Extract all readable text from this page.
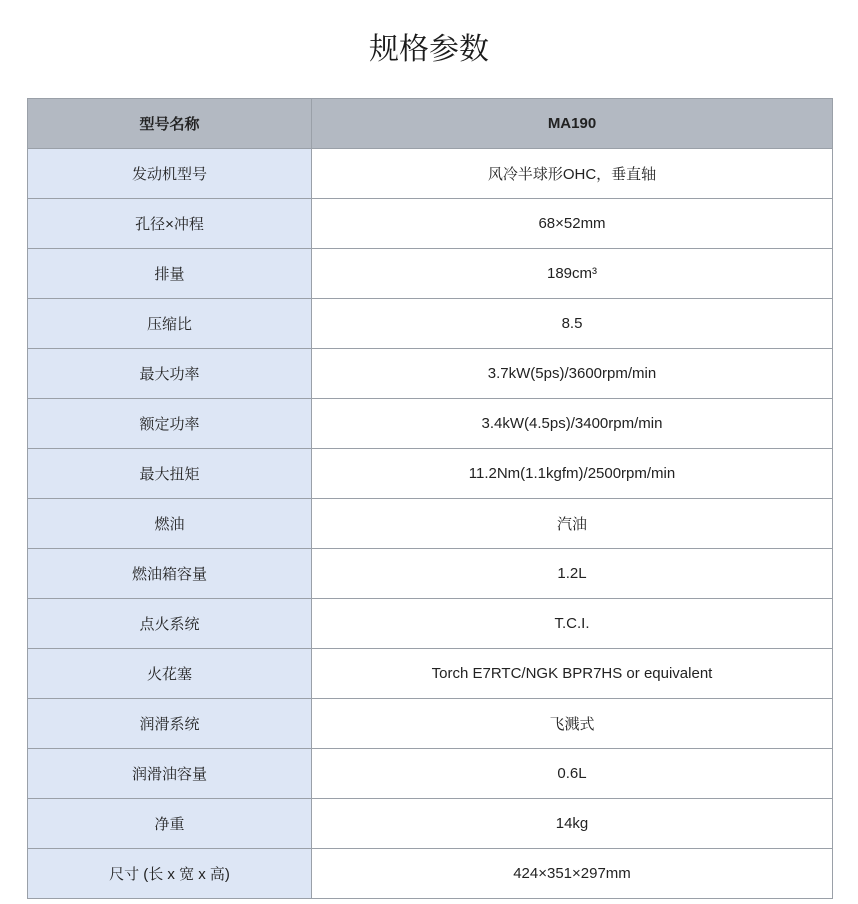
规格参数
型号名称	MA190
发动机型号	风冷半球形OHC，垂直轴
孔径×冲程	68×52mm
排量	189cm³
压缩比	8.5
最大功率	3.7kW(5ps)/3600rpm/min
额定功率	3.4kW(4.5ps)/3400rpm/min
最大扭矩	11.2Nm(1.1kgfm)/2500rpm/min
燃油	汽油
燃油箱容量	1.2L
点火系统	T.C.I.
火花塞	Torch E7RTC/NGK BPR7HS or equivalent
润滑系统	飞溅式
润滑油容量	0.6L
净重	14kg
尺寸 (长 x 宽 x 高)	424×351×297mm
